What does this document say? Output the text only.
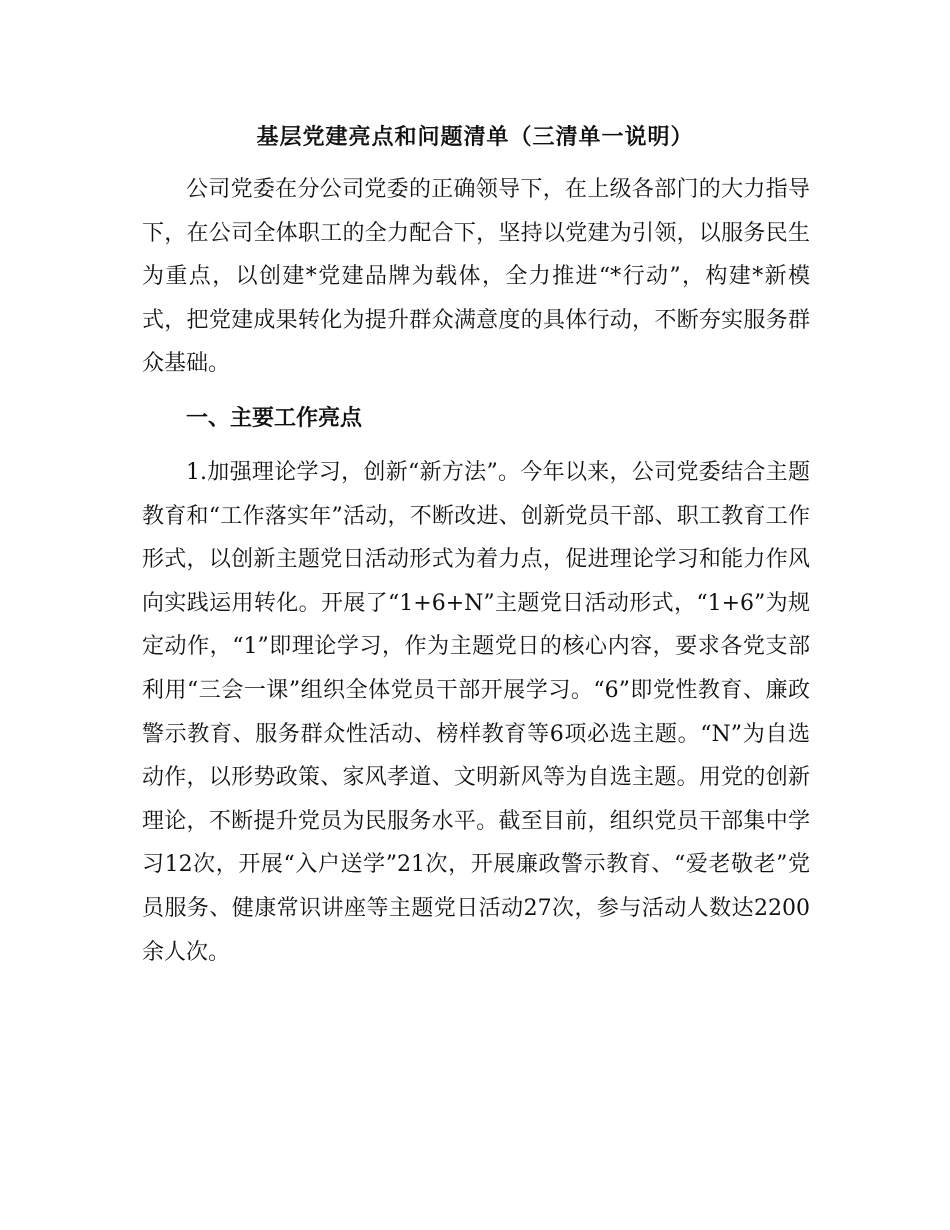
基层党建亮点和问题清单（三清单一说明）

公司党委在分公司党委的正确领导下，在上级各部门的大力指导下，在公司全体职工的全力配合下，坚持以党建为引领，以服务民生为重点，以创建*党建品牌为载体，全力推进“*行动”，构建*新模式，把党建成果转化为提升群众满意度的具体行动，不断夯实服务群众基础。

一、主要工作亮点

1.加强理论学习，创新“新方法”。今年以来，公司党委结合主题教育和“工作落实年”活动，不断改进、创新党员干部、职工教育工作形式，以创新主题党日活动形式为着力点，促进理论学习和能力作风向实践运用转化。开展了“1+6+N”主题党日活动形式，“1+6”为规定动作，“1”即理论学习，作为主题党日的核心内容，要求各党支部利用“三会一课”组织全体党员干部开展学习。“6”即党性教育、廉政警示教育、服务群众性活动、榜样教育等6项必选主题。“N”为自选动作，以形势政策、家风孝道、文明新风等为自选主题。用党的创新理论，不断提升党员为民服务水平。截至目前，组织党员干部集中学习12次，开展“入户送学”21次，开展廉政警示教育、“爱老敬老”党员服务、健康常识讲座等主题党日活动27次，参与活动人数达2200余人次。
